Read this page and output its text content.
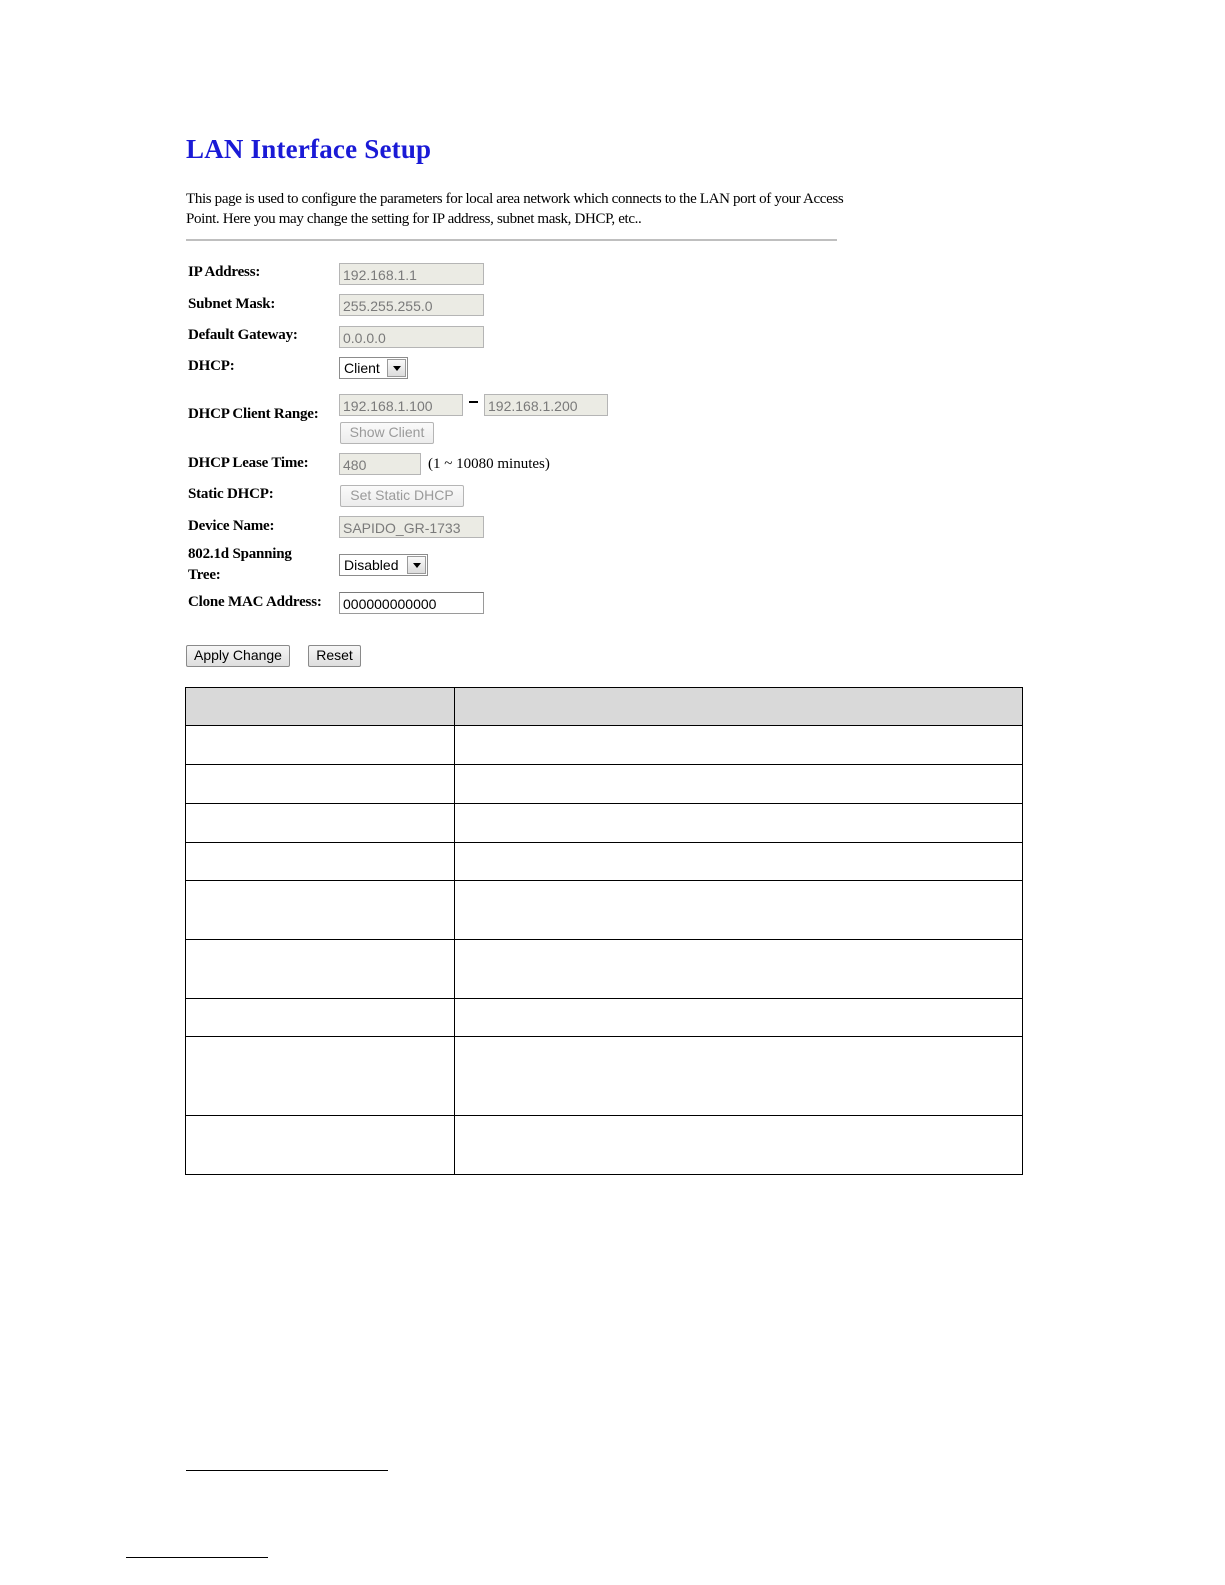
LAN Interface Setup
This page is used to configure the parameters for local area network which connects to the LAN port of your Access Point. Here you may change the setting for IP address, subnet mask, DHCP, etc..
IP Address:	192.168.1.1
Subnet Mask:	255.255.255.0
Default Gateway:	0.0.0.0
DHCP:	Client
DHCP Client Range: 192.168.1.100	192.168.1.200
Show Client
DHCP Lease Time: 480	(1 ~ 10080 minutes)
Static DHCP:	Set Static DHCP
Device Name:	SAPIDO_GR-1733
802.1d Spanning
Tree:
Disabled
Clone MAC Address: 000000000000
Apply Change	Reset
